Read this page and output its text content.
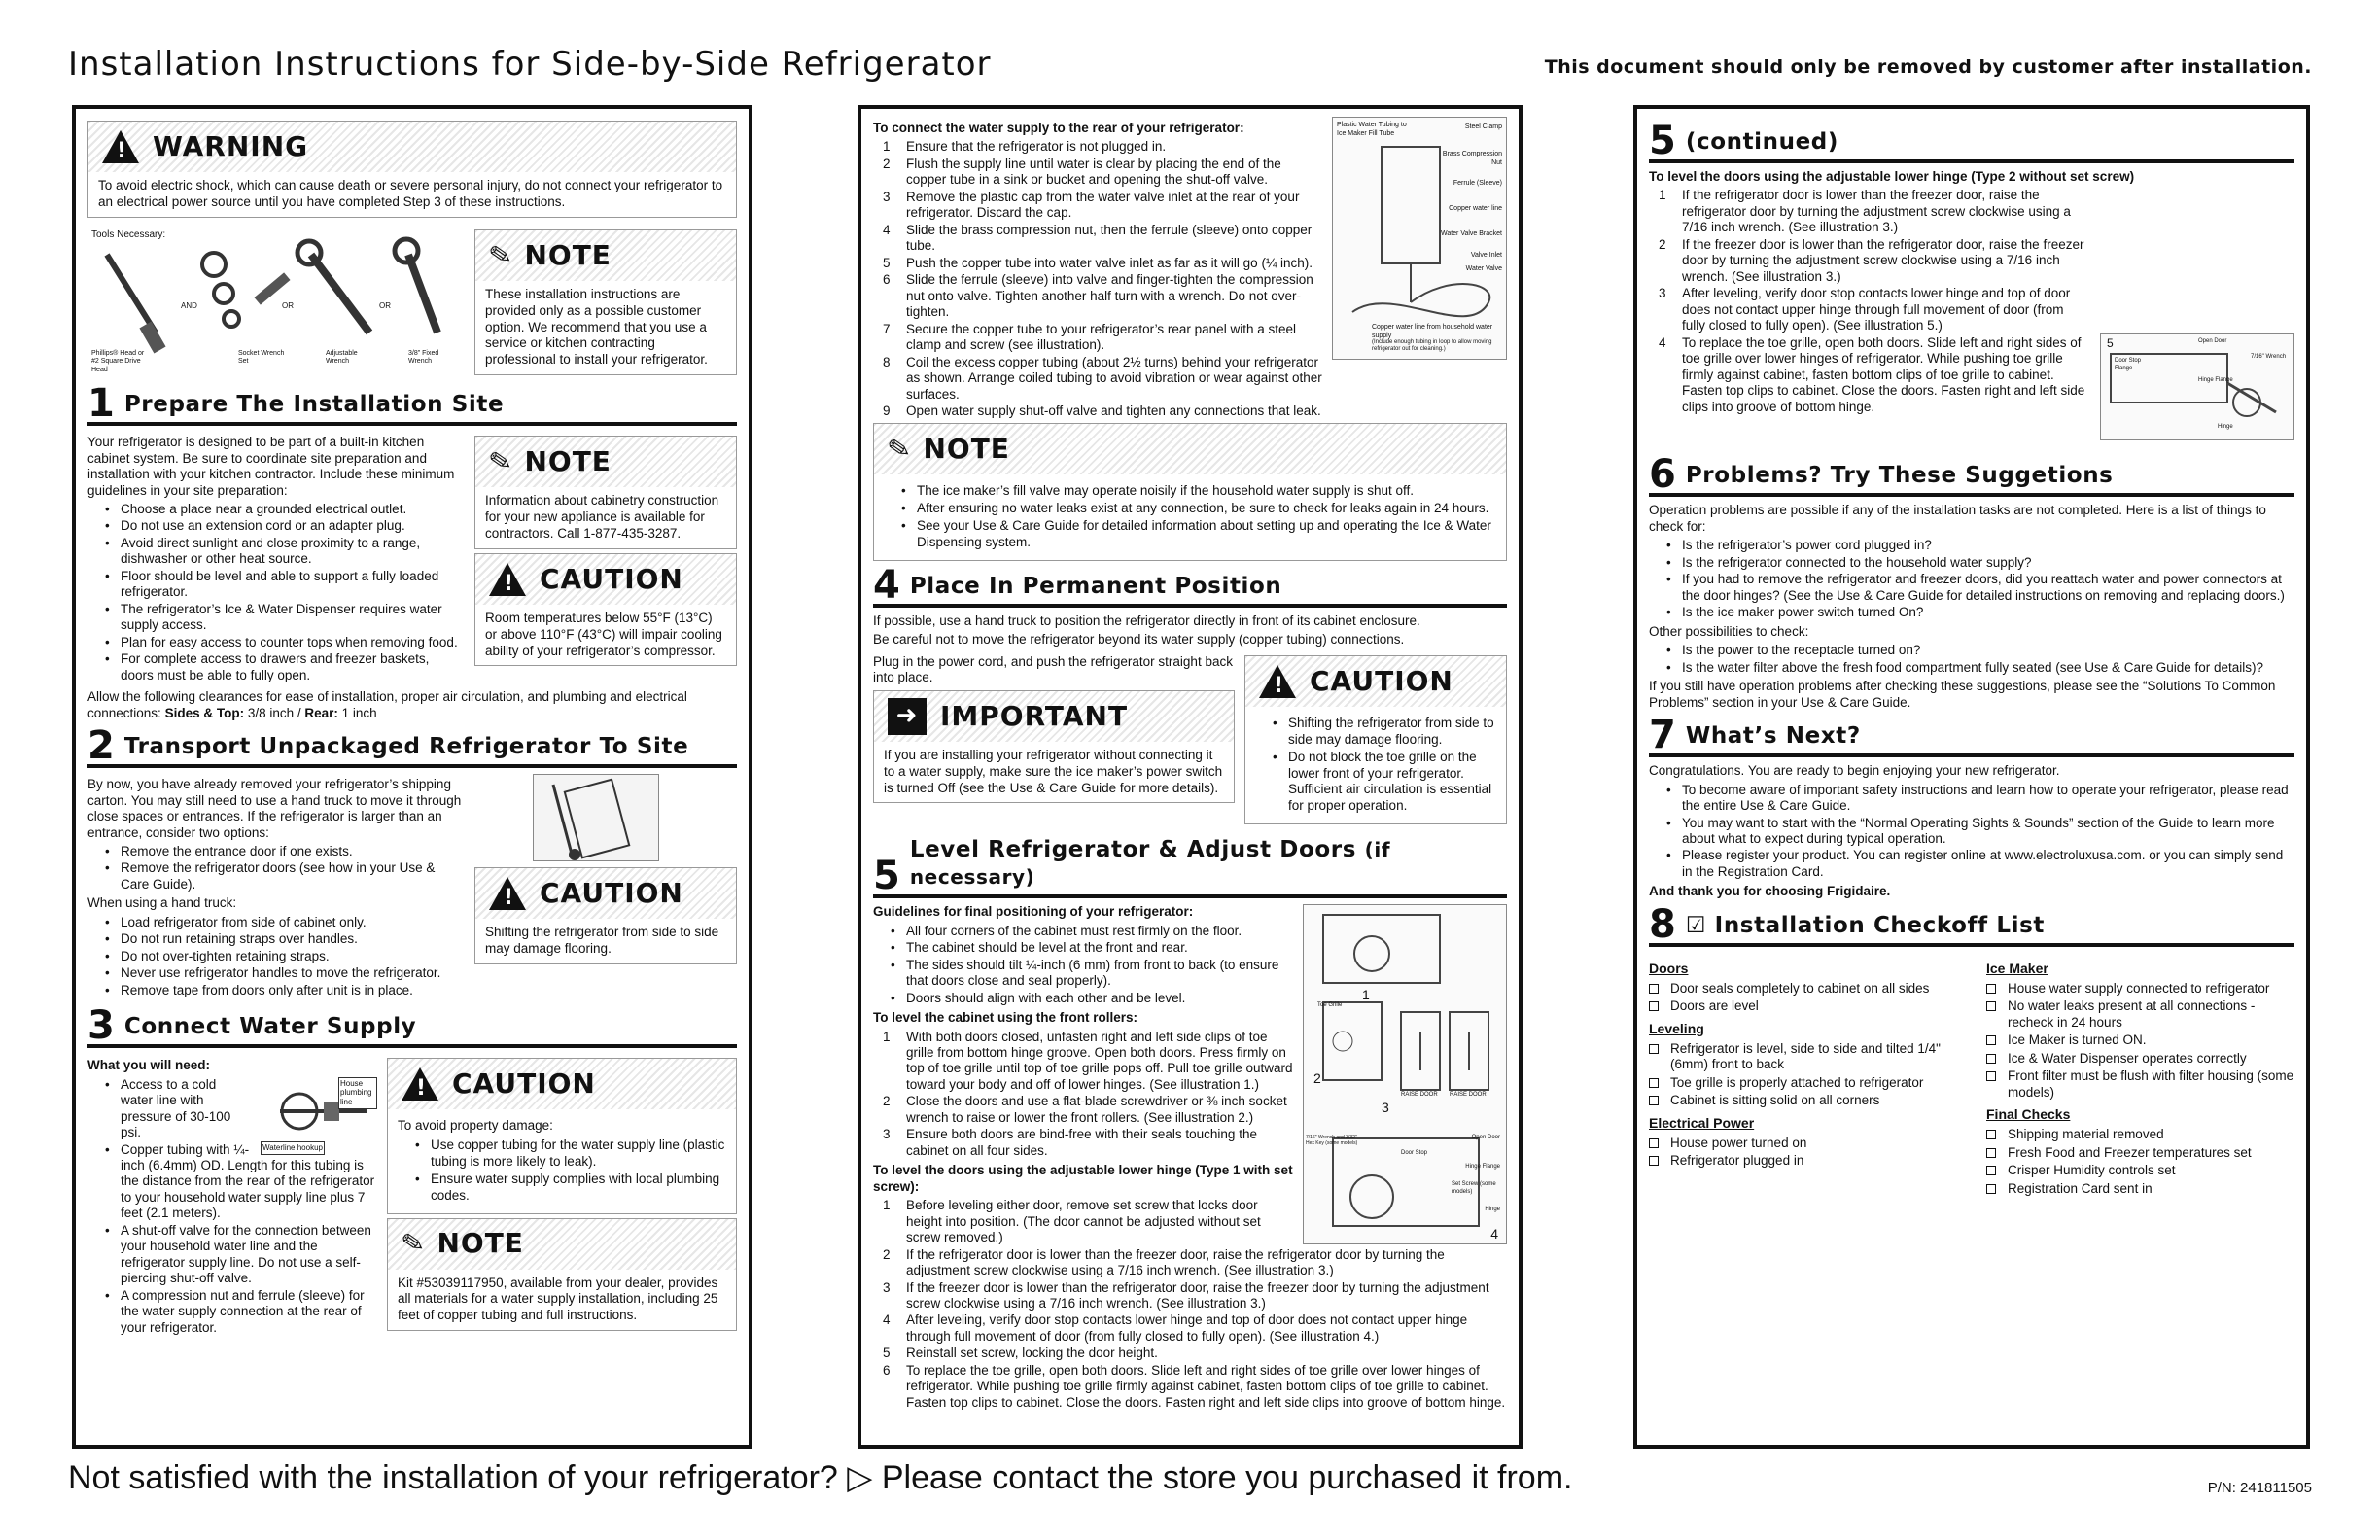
Installation Instructions for Side-by-Side Refrigerator	This document should only be removed by customer after installation.
! WARNING
To avoid electric shock, which can cause death or severe personal injury, do not connect your refrigerator to an electrical power source until you have completed Step 3 of these instructions.
Tools Necessary:
Phillips® Head or #2 Square Drive Head
AND
Socket Wrench Set
OR
Adjustable Wrench
OR
3/8" Fixed Wrench
✎ NOTE
These installation instructions are provided only as a possible customer option. We recommend that you use a service or kitchen contracting professional to install your refrigerator.
1 Prepare The Installation Site

Your refrigerator is designed to be part of a built-in kitchen cabinet system. Be sure to coordinate site preparation and installation with your kitchen contractor. Include these minimum guidelines in your site preparation:

• Choose a place near a grounded electrical outlet.
• Do not use an extension cord or an adapter plug.
• Avoid direct sunlight and close proximity to a range, dishwasher or other heat source.
• Floor should be level and able to support a fully loaded refrigerator.
• The refrigerator’s Ice & Water Dispenser requires water supply access.
• Plan for easy access to counter tops when removing food.
• For complete access to drawers and freezer baskets, doors must be able to fully open.
✎ NOTE
Information about cabinetry construction for your new appliance is available for contractors. Call 1-877-435-3287.
! CAUTION
Room temperatures below 55°F (13°C) or above 110°F (43°C) will impair cooling ability of your refrigerator’s compressor.

Allow the following clearances for ease of installation, proper air circulation, and plumbing and electrical connections: Sides & Top: 3/8 inch / Rear: 1 inch

2 Transport Unpackaged Refrigerator To Site

By now, you have already removed your refrigerator’s shipping carton. You may still need to use a hand truck to move it through close spaces or entrances. If the refrigerator is larger than an entrance, consider two options:

• Remove the entrance door if one exists.
• Remove the refrigerator doors (see how in your Use & Care Guide).

When using a hand truck:

• Load refrigerator from side of cabinet only.
• Do not run retaining straps over handles.
• Do not over-tighten retaining straps.
• Never use refrigerator handles to move the refrigerator.
• Remove tape from doors only after unit is in place.
! CAUTION
Shifting the refrigerator from side to side may damage flooring.
3 Connect Water Supply

What you will need:

House plumbing line
Waterline hookup
• Access to a cold water line with pressure of 30-100 psi.
• Copper tubing with ¼-inch (6.4mm) OD. Length for this tubing is the distance from the rear of the refrigerator to your household water supply line plus 7 feet (2.1 meters).
• A shut-off valve for the connection between your household water line and the refrigerator supply line. Do not use a self-piercing shut-off valve.
• A compression nut and ferrule (sleeve) for the water supply connection at the rear of your refrigerator.
! CAUTION

To avoid property damage:

• Use copper tubing for the water supply line (plastic tubing is more likely to leak).
• Ensure water supply complies with local plumbing codes.
✎ NOTE
Kit #53039117950, available from your dealer, provides all materials for a water supply installation, including 25 feet of copper tubing and full instructions.
Steel Clamp
Brass Compression Nut
Ferrule (Sleeve)
Copper water line
Water Valve Bracket
Valve Inlet
Water Valve
Plastic Water Tubing to Ice Maker Fill Tube
Copper water line from household water supply
(Include enough tubing in loop to allow moving refrigerator out for cleaning.)

To connect the water supply to the rear of your refrigerator:

1	Ensure that the refrigerator is not plugged in.
2	Flush the supply line until water is clear by placing the end of the copper tube in a sink or bucket and opening the shut-off valve.
3	Remove the plastic cap from the water valve inlet at the rear of your refrigerator. Discard the cap.
4	Slide the brass compression nut, then the ferrule (sleeve) onto copper tube.
5	Push the copper tube into water valve inlet as far as it will go (¼ inch).
6	Slide the ferrule (sleeve) into valve and finger-tighten the compression nut onto valve. Tighten another half turn with a wrench. Do not over-tighten.
7	Secure the copper tube to your refrigerator’s rear panel with a steel clamp and screw (see illustration).
8	Coil the excess copper tubing (about 2½ turns) behind your refrigerator as shown. Arrange coiled tubing to avoid vibration or wear against other surfaces.
9	Open water supply shut-off valve and tighten any connections that leak.
✎ NOTE
• The ice maker’s fill valve may operate noisily if the household water supply is shut off.
• After ensuring no water leaks exist at any connection, be sure to check for leaks again in 24 hours.
• See your Use & Care Guide for detailed information about setting up and operating the Ice & Water Dispensing system.
4 Place In Permanent Position

If possible, use a hand truck to position the refrigerator directly in front of its cabinet enclosure.

Be careful not to move the refrigerator beyond its water supply (copper tubing) connections.

Plug in the power cord, and push the refrigerator straight back into place.

➜ IMPORTANT
If you are installing your refrigerator without connecting it to a water supply, make sure the ice maker’s power switch is turned Off (see the Use & Care Guide for more details).
! CAUTION
• Shifting the refrigerator from side to side may damage flooring.
• Do not block the toe grille on the lower front of your refrigerator. Sufficient air circulation is essential for proper operation.
5
Level Refrigerator & Adjust Doors (if necessary)
1
2
3
4
RAISE DOOR RAISE DOOR
Toe Grille
Open Door
Door Stop
Hinge Flange
Set Screw (some models)
Hinge
7/16" Wrench and 3/32" Hex Key (some models)

Guidelines for final positioning of your refrigerator:

• All four corners of the cabinet must rest firmly on the floor.
• The cabinet should be level at the front and rear.
• The sides should tilt ¼-inch (6 mm) from front to back (to ensure that doors close and seal properly).
• Doors should align with each other and be level.

To level the cabinet using the front rollers:

1	With both doors closed, unfasten right and left side clips of toe grille from bottom hinge groove. Open both doors. Press firmly on top of toe grille until top of toe grille pops off. Pull toe grille outward toward your body and off of lower hinges. (See illustration 1.)
2	Close the doors and use a flat-blade screwdriver or ⅜ inch socket wrench to raise or lower the front rollers. (See illustration 2.)
3	Ensure both doors are bind-free with their seals touching the cabinet on all four sides.

To level the doors using the adjustable lower hinge (Type 1 with set screw):

1	Before leveling either door, remove set screw that locks door height into position. (The door cannot be adjusted without set screw removed.)
2	If the refrigerator door is lower than the freezer door, raise the refrigerator door by turning the adjustment screw clockwise using a 7/16 inch wrench. (See illustration 3.)
3	If the freezer door is lower than the refrigerator door, raise the freezer door by turning the adjustment screw clockwise using a 7/16 inch wrench. (See illustration 3.)
4	After leveling, verify door stop contacts lower hinge and top of door does not contact upper hinge through full movement of door (from fully closed to fully open). (See illustration 4.)
5	Reinstall set screw, locking the door height.
6	To replace the toe grille, open both doors. Slide left and right sides of toe grille over lower hinges of refrigerator. While pushing toe grille firmly against cabinet, fasten bottom clips of toe grille to cabinet. Fasten top clips to cabinet. Close the doors. Fasten right and left side clips into groove of bottom hinge.
5 (continued)

To level the doors using the adjustable lower hinge (Type 2 without set screw)

5	Open Door
Door Stop Flange
7/16" Wrench
Hinge Flange
Hinge
1	If the refrigerator door is lower than the freezer door, raise the refrigerator door by turning the adjustment screw clockwise using a 7/16 inch wrench. (See illustration 3.)
2	If the freezer door is lower than the refrigerator door, raise the freezer door by turning the adjustment screw clockwise using a 7/16 inch wrench. (See illustration 3.)
3	After leveling, verify door stop contacts lower hinge and top of door does not contact upper hinge through full movement of door (from fully closed to fully open). (See illustration 5.)
4	To replace the toe grille, open both doors. Slide left and right sides of toe grille over lower hinges of refrigerator. While pushing toe grille firmly against cabinet, fasten bottom clips of toe grille to cabinet. Fasten top clips to cabinet. Close the doors. Fasten right and left side clips into groove of bottom hinge.
6 Problems? Try These Suggetions

Operation problems are possible if any of the installation tasks are not completed. Here is a list of things to check for:

• Is the refrigerator’s power cord plugged in?
• Is the refrigerator connected to the household water supply?
• If you had to remove the refrigerator and freezer doors, did you reattach water and power connectors at the door hinges? (See the Use & Care Guide for detailed instructions on removing and replacing doors.)
• Is the ice maker power switch turned On?

Other possibilities to check:

• Is the power to the receptacle turned on?
• Is the water filter above the fresh food compartment fully seated (see Use & Care Guide for details)?

If you still have operation problems after checking these suggestions, please see the “Solutions To Common Problems” section in your Use & Care Guide.

7 What’s Next?

Congratulations. You are ready to begin enjoying your new refrigerator.

• To become aware of important safety instructions and learn how to operate your refrigerator, please read the entire Use & Care Guide.
• You may want to start with the “Normal Operating Sights & Sounds” section of the Guide to learn more about what to expect during typical operation.
• Please register your product. You can register online at www.electroluxusa.com. or you can simply send in the Registration Card.

And thank you for choosing Frigidaire.

8 ☑ Installation Checkoff List
Doors
Door seals completely to cabinet on all sides
Doors are level
Leveling
Refrigerator is level, side to side and tilted 1/4" (6mm) front to back
Toe grille is properly attached to refrigerator
Cabinet is sitting solid on all corners
Electrical Power
House power turned on
Refrigerator plugged in
Ice Maker
House water supply connected to refrigerator
No water leaks present at all connections - recheck in 24 hours
Ice Maker is turned ON.
Ice & Water Dispenser operates correctly
Front filter must be flush with filter housing (some models)
Final Checks
Shipping material removed
Fresh Food and Freezer temperatures set
Crisper Humidity controls set
Registration Card sent in
Not satisfied with the installation of your refrigerator? ▷ Please contact the store you purchased it from.	P/N: 241811505
